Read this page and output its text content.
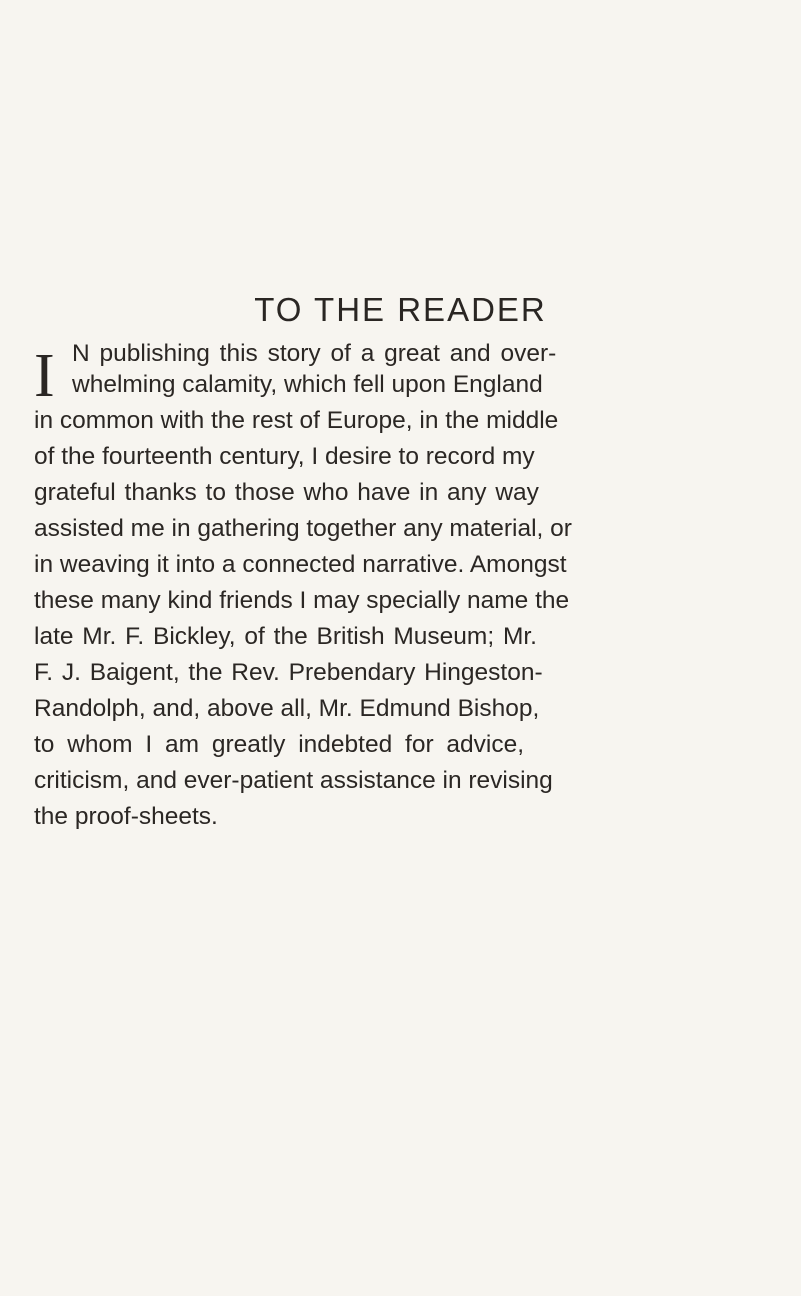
TO THE READER
I N publishing this story of a great and over-
whelming calamity, which fell upon England
in common with the rest of Europe, in the middle
of the fourteenth century, I desire to record my
grateful thanks to those who have in any way
assisted me in gathering together any material, or
in weaving it into a connected narrative. Amongst
these many kind friends I may specially name the
late Mr. F. Bickley, of the British Museum; Mr.
F. J. Baigent, the Rev. Prebendary Hingeston-
Randolph, and, above all, Mr. Edmund Bishop,
to whom I am greatly indebted for advice,
criticism, and ever-patient assistance in revising
the proof-sheets.
